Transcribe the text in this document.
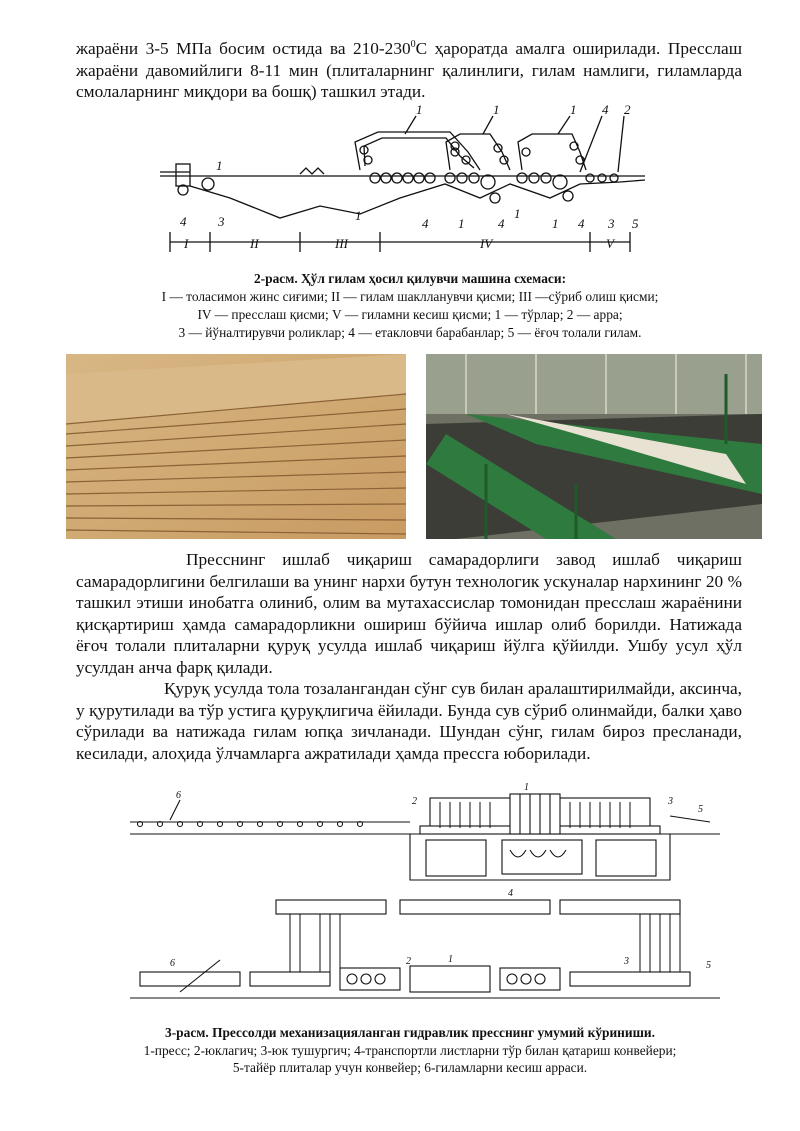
жараёни 3-5 МПа босим остида ва $210-230^0С$ ҳароратда амалга оширилади. Пресслаш жараёни давомийлиги 8-11 мин (плиталарнинг қалинлиги, гилам намлиги, гиламларда смолаларнинг миқдори ва бошқ) ташкил этади.

1	1	1 4 2
1
4 3	1
4 1	4
1
1 4 3 5
I	II	III	IV	V
2-расм. Ҳўл гилам ҳосил қилувчи машина схемаси:
I — толасимон жинс сиғими; II — гилам шаклланувчи қисми; III —сўриб олиш қисми;
IV — пресслаш қисми; V — гиламни кесиш қисми; 1 — тўрлар; 2 — арра;
3 — йўналтирувчи роликлар; 4 — етакловчи барабанлар; 5 — ёғоч толали гилам.

Пресснинг ишлаб чиқариш самарадорлиги завод ишлаб чиқариш самарадорлигини белгилаши ва унинг нархи бутун технологик ускуналар нархининг 20 % ташкил этиши инобатга олиниб, олим ва мутахассислар томонидан пресслаш жараёнини қисқартириш ҳамда самарадорликни ошириш бўйича ишлар олиб борилди. Натижада ёғоч толали плиталарни қуруқ усулда ишлаб чиқариш йўлга қўйилди. Ушбу усул ҳўл усулдан анча фарқ қилади.

Қуруқ усулда тола тозалангандан сўнг сув билан аралаштирилмайди, аксинча, у қурутилади ва тўр устига қуруқлигича ёйилади. Бунда сув сўриб олинмайди, балки ҳаво сўрилади ва натижада гилам юпқа зичланади. Шундан сўнг, гилам бироз пресланади, кесилади, алоҳида ўлчамларга ажратилади ҳамда прессга юборилади.

6
2
1
3
5
4
6	2	1	3	5
3-расм. Прессолди механизацияланган гидравлик пресснинг умумий кўриниши.
1-пресс; 2-юклагич; 3-юк тушургич; 4-транспортли листларни тўр билан қатариш конвейери;
5-тайёр плиталар учун конвейер; 6-гиламларни кесиш арраси.
